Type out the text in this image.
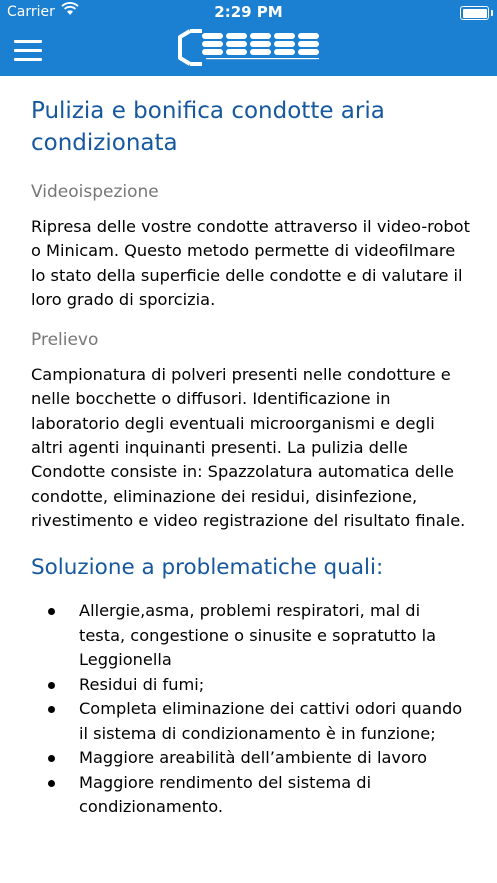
Carrier	2:29 PM
Pulizia e bonifica condotte aria condizionata

Videoispezione

Ripresa delle vostre condotte attraverso il video-robot o Minicam. Questo metodo permette di videofilmare lo stato della superficie delle condotte e di valutare il loro grado di sporcizia.

Prelievo

Campionatura di polveri presenti nelle condotture e nelle bocchette o diffusori. Identificazione in laboratorio degli eventuali microorganismi e degli altri agenti inquinanti presenti. La pulizia delle Condotte consiste in: Spazzolatura automatica delle condotte, eliminazione dei residui, disinfezione, rivestimento e video registrazione del risultato finale.

Soluzione a problematiche quali:
Allergie,asma, problemi respiratori, mal di testa, congestione o sinusite e sopratutto la Leggionella
Residui di fumi;
Completa eliminazione dei cattivi odori quando il sistema di condizionamento è in funzione;
Maggiore areabilità dell’ambiente di lavoro
Maggiore rendimento del sistema di condizionamento.
